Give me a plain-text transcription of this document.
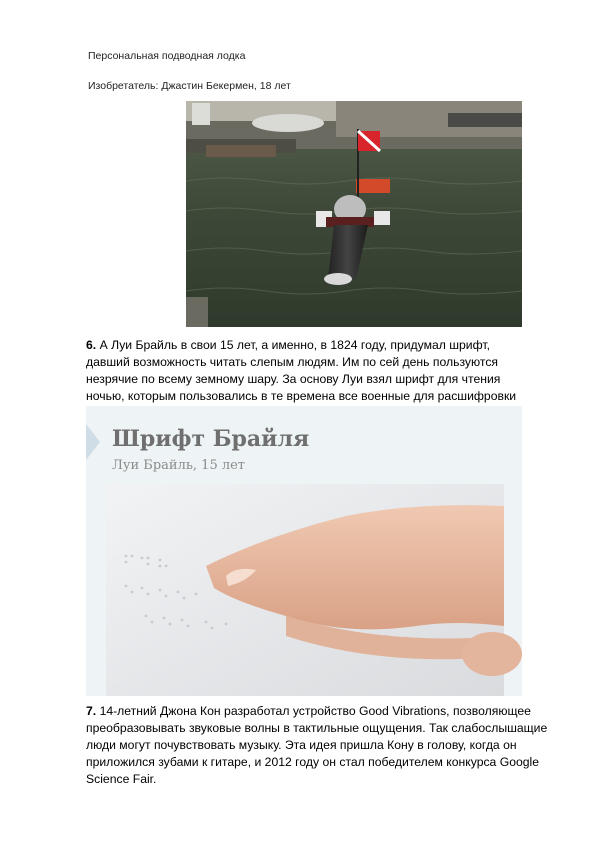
Персональная подводная лодка
Изобретатель: Джастин Бекермен, 18 лет
6. А Луи Брайль в свои 15 лет, а именно, в 1824 году, придумал шрифт, давший возможность читать слепым людям. Им по сей день пользуются незрячие по всему земному шару. За основу Луи взял шрифт для чтения ночью, которым пользовались в те времена все военные для расшифровки
Шрифт Брайля
Луи Брайль, 15 лет
7. 14-летний Джона Кон разработал устройство Good Vibrations, позволяющее преобразовывать звуковые волны в тактильные ощущения. Так слабослышащие люди могут почувствовать музыку. Эта идея пришла Кону в голову, когда он приложился зубами к гитаре, и 2012 году он стал победителем конкурса Google Science Fair.
